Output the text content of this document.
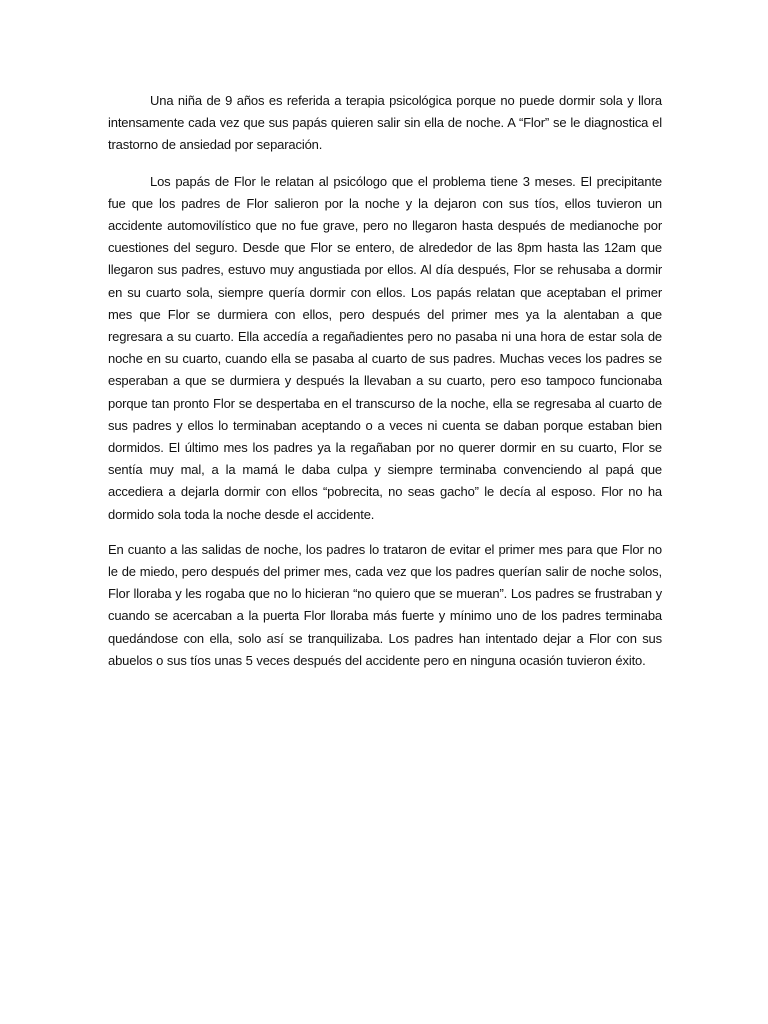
Una niña de 9 años es referida a terapia psicológica porque no puede dormir sola y llora intensamente cada vez que sus papás quieren salir sin ella de noche. A “Flor” se le diagnostica el trastorno de ansiedad por separación.

Los papás de Flor le relatan al psicólogo que el problema tiene 3 meses. El precipitante fue que los padres de Flor salieron por la noche y la dejaron con sus tíos, ellos tuvieron un accidente automovilístico que no fue grave, pero no llegaron hasta después de medianoche por cuestiones del seguro. Desde que Flor se entero, de alrededor de las 8pm hasta las 12am que llegaron sus padres, estuvo muy angustiada por ellos. Al día después, Flor se rehusaba a dormir en su cuarto sola, siempre quería dormir con ellos. Los papás relatan que aceptaban el primer mes que Flor se durmiera con ellos, pero después del primer mes ya la alentaban a que regresara a su cuarto. Ella accedía a regañadientes pero no pasaba ni una hora de estar sola de noche en su cuarto, cuando ella se pasaba al cuarto de sus padres. Muchas veces los padres se esperaban a que se durmiera y después la llevaban a su cuarto, pero eso tampoco funcionaba porque tan pronto Flor se despertaba en el transcurso de la noche, ella se regresaba al cuarto de sus padres y ellos lo terminaban aceptando o a veces ni cuenta se daban porque estaban bien dormidos. El último mes los padres ya la regañaban por no querer dormir en su cuarto, Flor se sentía muy mal, a la mamá le daba culpa y siempre terminaba convenciendo al papá que accediera a dejarla dormir con ellos “pobrecita, no seas gacho” le decía al esposo. Flor no ha dormido sola toda la noche desde el accidente.

En cuanto a las salidas de noche, los padres lo trataron de evitar el primer mes para que Flor no le de miedo, pero después del primer mes, cada vez que los padres querían salir de noche solos, Flor lloraba y les rogaba que no lo hicieran “no quiero que se mueran”. Los padres se frustraban y cuando se acercaban a la puerta Flor lloraba más fuerte y mínimo uno de los padres terminaba quedándose con ella, solo así se tranquilizaba. Los padres han intentado dejar a Flor con sus abuelos o sus tíos unas 5 veces después del accidente pero en ninguna ocasión tuvieron éxito.
